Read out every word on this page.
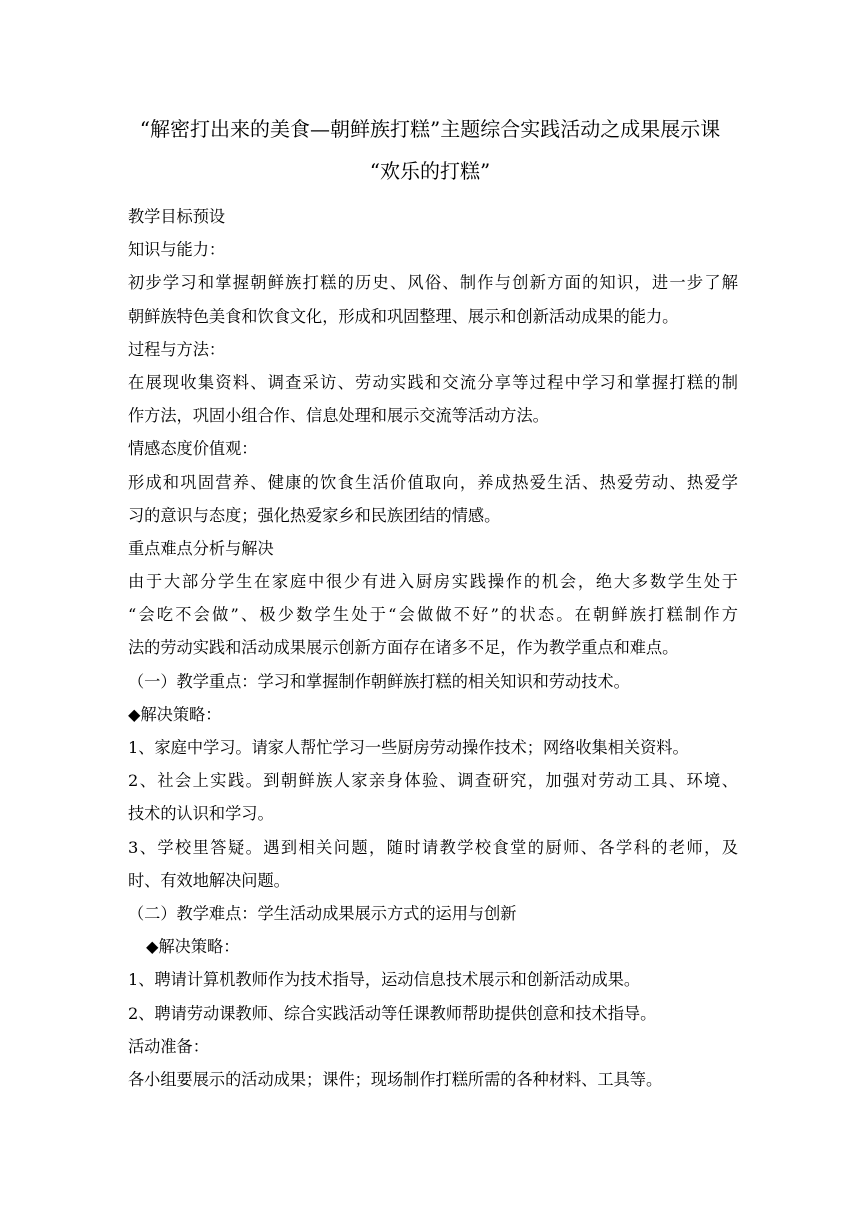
“解密打出来的美食—朝鲜族打糕”主题综合实践活动之成果展示课
“欢乐的打糕”
教学目标预设
知识与能力：
初步学习和掌握朝鲜族打糕的历史、风俗、制作与创新方面的知识，进一步了解
朝鲜族特色美食和饮食文化，形成和巩固整理、展示和创新活动成果的能力。
过程与方法：
在展现收集资料、调查采访、劳动实践和交流分享等过程中学习和掌握打糕的制
作方法，巩固小组合作、信息处理和展示交流等活动方法。
情感态度价值观：
形成和巩固营养、健康的饮食生活价值取向，养成热爱生活、热爱劳动、热爱学
习的意识与态度；强化热爱家乡和民族团结的情感。
重点难点分析与解决
由于大部分学生在家庭中很少有进入厨房实践操作的机会，绝大多数学生处于
“会吃不会做”、极少数学生处于“会做做不好”的状态。在朝鲜族打糕制作方
法的劳动实践和活动成果展示创新方面存在诸多不足，作为教学重点和难点。
（一）教学重点：学习和掌握制作朝鲜族打糕的相关知识和劳动技术。
◆解决策略：
1、家庭中学习。请家人帮忙学习一些厨房劳动操作技术；网络收集相关资料。
2、社会上实践。到朝鲜族人家亲身体验、调查研究，加强对劳动工具、环境、
技术的认识和学习。
3、学校里答疑。遇到相关问题，随时请教学校食堂的厨师、各学科的老师，及
时、有效地解决问题。
（二）教学难点：学生活动成果展示方式的运用与创新
◆解决策略：
1、聘请计算机教师作为技术指导，运动信息技术展示和创新活动成果。
2、聘请劳动课教师、综合实践活动等任课教师帮助提供创意和技术指导。
活动准备：
各小组要展示的活动成果；课件；现场制作打糕所需的各种材料、工具等。
